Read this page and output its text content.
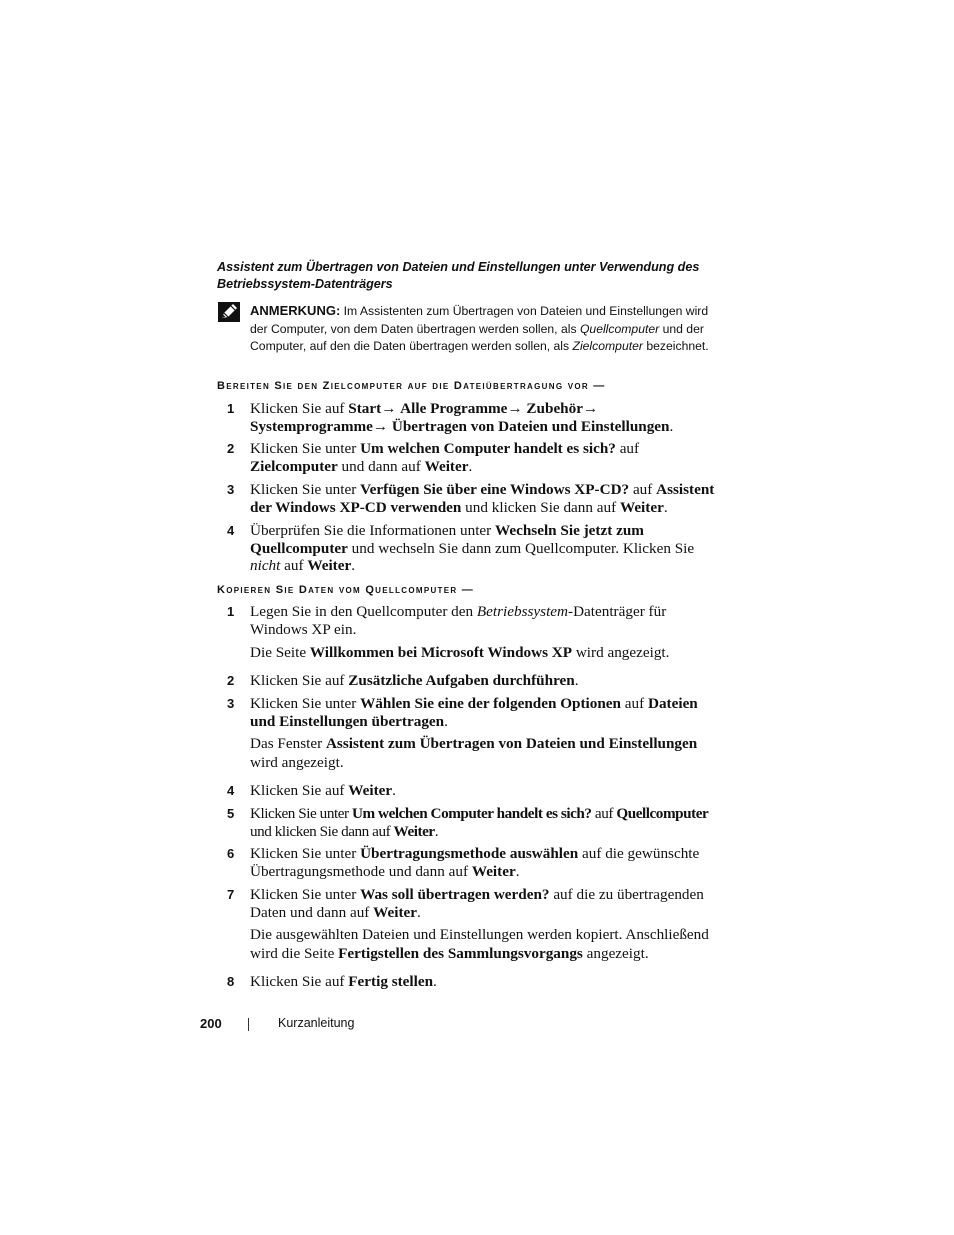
Assistent zum Übertragen von Dateien und Einstellungen unter Verwendung des Betriebssystem-Datenträgers
ANMERKUNG: Im Assistenten zum Übertragen von Dateien und Einstellungen wird der Computer, von dem Daten übertragen werden sollen, als Quellcomputer und der Computer, auf den die Daten übertragen werden sollen, als Zielcomputer bezeichnet.
Bereiten Sie den Zielcomputer auf die Dateiübertragung vor —
1 Klicken Sie auf Start→ Alle Programme→ Zubehör→ Systemprogramme→ Übertragen von Dateien und Einstellungen.
2 Klicken Sie unter Um welchen Computer handelt es sich? auf Zielcomputer und dann auf Weiter.
3 Klicken Sie unter Verfügen Sie über eine Windows XP-CD? auf Assistent der Windows XP-CD verwenden und klicken Sie dann auf Weiter.
4 Überprüfen Sie die Informationen unter Wechseln Sie jetzt zum Quellcomputer und wechseln Sie dann zum Quellcomputer. Klicken Sie nicht auf Weiter.
Kopieren Sie Daten vom Quellcomputer —
1 Legen Sie in den Quellcomputer den Betriebssystem-Datenträger für Windows XP ein.
Die Seite Willkommen bei Microsoft Windows XP wird angezeigt.
2 Klicken Sie auf Zusätzliche Aufgaben durchführen.
3 Klicken Sie unter Wählen Sie eine der folgenden Optionen auf Dateien und Einstellungen übertragen.
Das Fenster Assistent zum Übertragen von Dateien und Einstellungen wird angezeigt.
4 Klicken Sie auf Weiter.
5 Klicken Sie unter Um welchen Computer handelt es sich? auf Quellcomputer und klicken Sie dann auf Weiter.
6 Klicken Sie unter Übertragungsmethode auswählen auf die gewünschte Übertragungsmethode und dann auf Weiter.
7 Klicken Sie unter Was soll übertragen werden? auf die zu übertragenden Daten und dann auf Weiter.
Die ausgewählten Dateien und Einstellungen werden kopiert. Anschließend wird die Seite Fertigstellen des Sammlungsvorgangs angezeigt.
8 Klicken Sie auf Fertig stellen.
200	Kurzanleitung
